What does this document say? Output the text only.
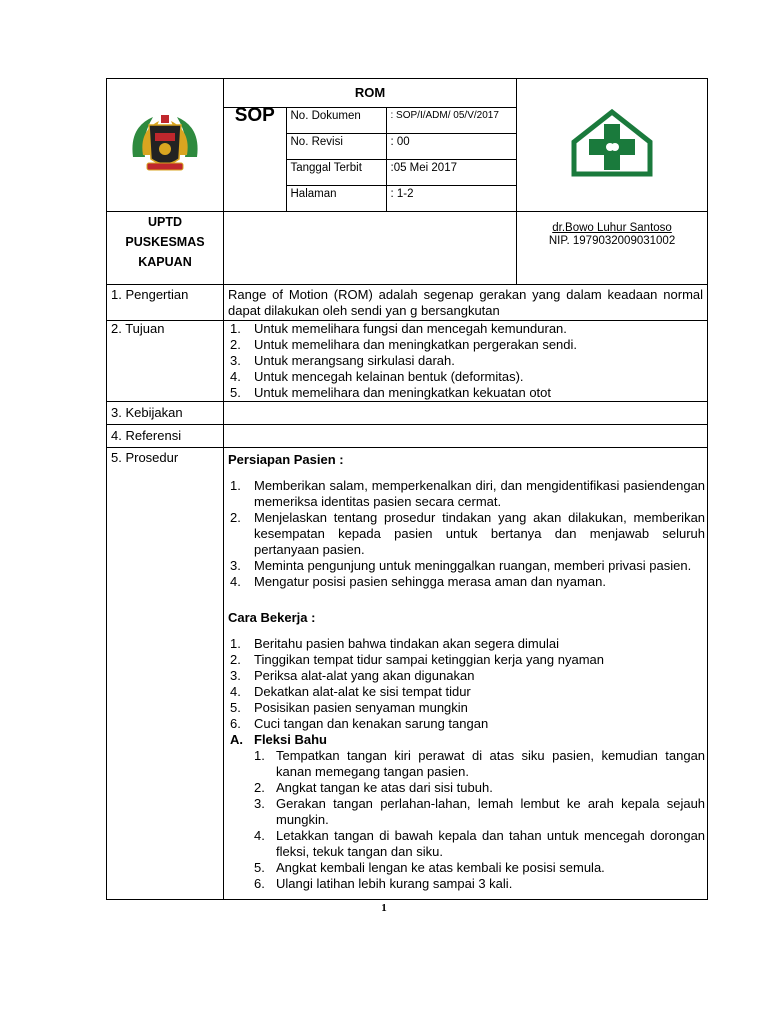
ROM
SOP	No. Dokumen	: SOP/I/ADM/ 05/V/2017
No. Revisi	: 00
Tanggal Terbit	:05 Mei 2017
Halaman	: 1-2

UPTD
PUSKESMAS
KAPUAN

dr.Bowo Luhur Santoso
NIP. 1979032009031002

1. Pengertian	Range of Motion (ROM) adalah segenap gerakan yang dalam keadaan normal dapat dilakukan oleh sendi yan g bersangkutan
2. Tujuan	1. Untuk memelihara fungsi dan mencegah kemunduran.
2. Untuk memelihara dan meningkatkan pergerakan sendi.
3. Untuk merangsang sirkulasi darah.
4. Untuk mencegah kelainan bentuk (deformitas).
5. Untuk memelihara dan meningkatkan kekuatan otot

3. Kebijakan	
4. Referensi	
5. Prosedur	Persiapan Pasien :
1. Memberikan salam, memperkenalkan diri, dan mengidentifikasi pasiendengan memeriksa identitas pasien secara cermat.
2. Menjelaskan tentang prosedur tindakan yang akan dilakukan, memberikan kesempatan kepada pasien untuk bertanya dan menjawab seluruh pertanyaan pasien.
3. Meminta pengunjung untuk meninggalkan ruangan, memberi privasi pasien.
4. Mengatur posisi pasien sehingga merasa aman dan nyaman.
Cara Bekerja :
1. Beritahu pasien bahwa tindakan akan segera dimulai
2. Tinggikan tempat tidur sampai ketinggian kerja yang nyaman
3. Periksa alat-alat yang akan digunakan
4. Dekatkan alat-alat ke sisi tempat tidur
5. Posisikan pasien senyaman mungkin
6. Cuci tangan dan kenakan sarung tangan
A. Fleksi Bahu
1. Tempatkan tangan kiri perawat di atas siku pasien, kemudian tangan kanan memegang tangan pasien.
2. Angkat tangan ke atas dari sisi tubuh.
3. Gerakan tangan perlahan-lahan, lemah lembut ke arah kepala sejauh mungkin.
4. Letakkan tangan di bawah kepala dan tahan untuk mencegah dorongan fleksi, tekuk tangan dan siku.
5. Angkat kembali lengan ke atas kembali ke posisi semula.
6. Ulangi latihan lebih kurang sampai 3 kali.
1
